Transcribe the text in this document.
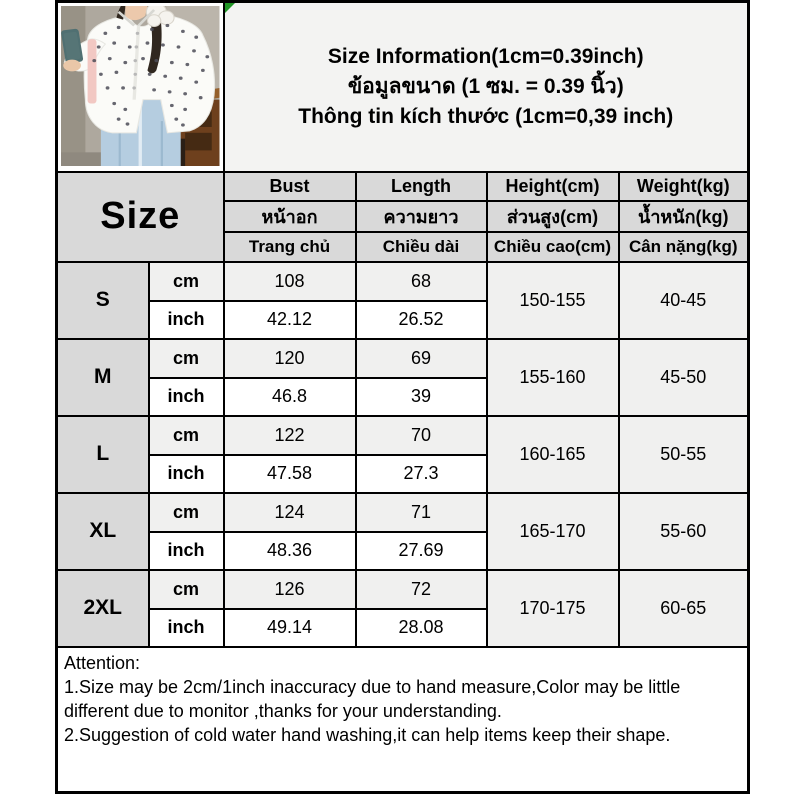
Size Information(1cm=0.39inch)
ข้อมูลขนาด (1 ซม. = 0.39 นิ้ว)
Thông tin kích thước (1cm=0,39 inch)			

Size		Bust	Length	Height(cm)	Weight(kg)
		หน้าอก	ความยาว	ส่วนสูง(cm)	น้ำหนัก(kg)
		Trang chủ	Chiều dài	Chiều cao(cm)	Cân nặng(kg)
S	cm	108	68	150-155	40-45
	inch	42.12	26.52		
M	cm	120	69	155-160	45-50
	inch	46.8	39		
L	cm	122	70	160-165	50-55
	inch	47.58	27.3		
XL	cm	124	71	165-170	55-60
	inch	48.36	27.69		
2XL	cm	126	72	170-175	60-65
	inch	49.14	28.08		

Attention:
1.Size may be 2cm/1inch inaccuracy due to hand measure,Color may be little different due to monitor ,thanks for your understanding.
2.Suggestion of cold water hand washing,it can help items keep their shape.					
